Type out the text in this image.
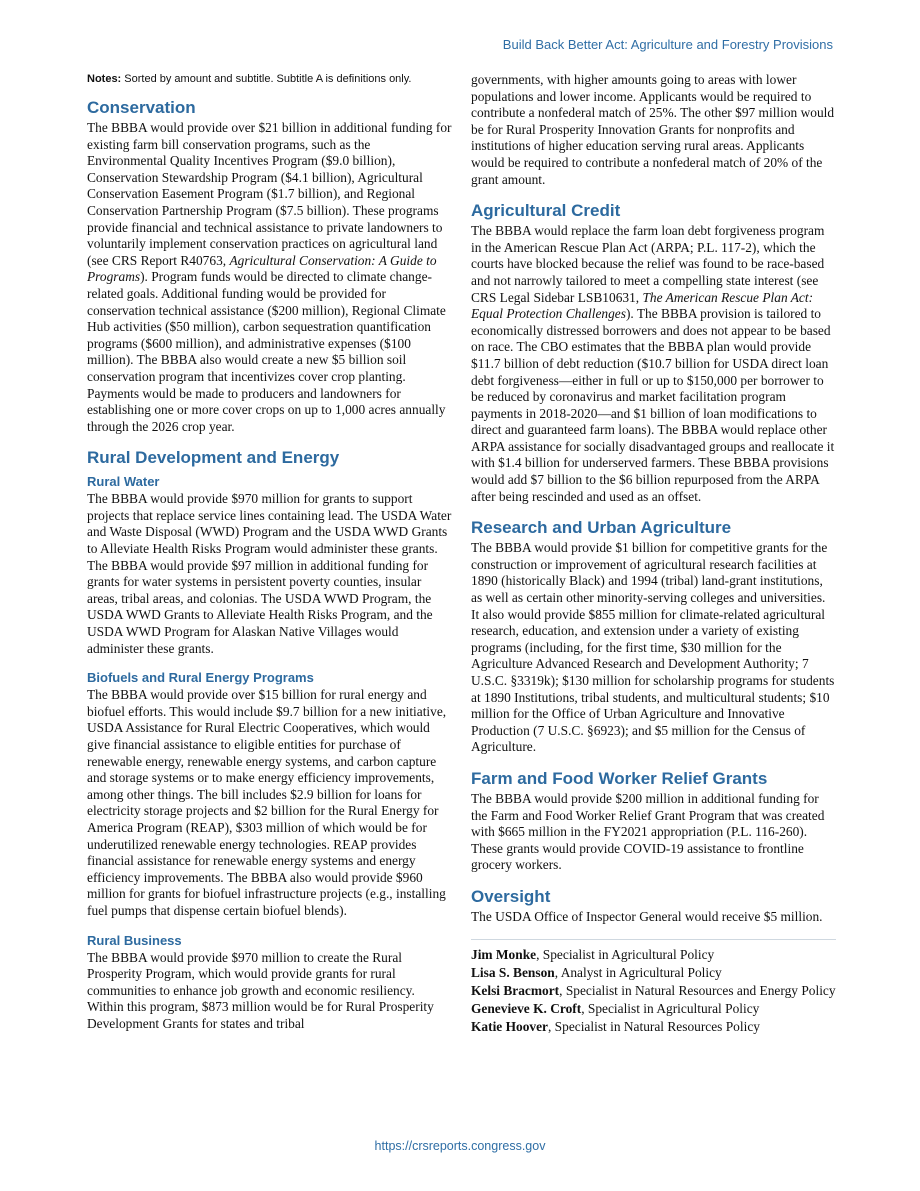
Build Back Better Act: Agriculture and Forestry Provisions
Notes: Sorted by amount and subtitle. Subtitle A is definitions only.
Conservation

The BBBA would provide over $21 billion in additional funding for existing farm bill conservation programs, such as the Environmental Quality Incentives Program ($9.0 billion), Conservation Stewardship Program ($4.1 billion), Agricultural Conservation Easement Program ($1.7 billion), and Regional Conservation Partnership Program ($7.5 billion). These programs provide financial and technical assistance to private landowners to voluntarily implement conservation practices on agricultural land (see CRS Report R40763, Agricultural Conservation: A Guide to Programs). Program funds would be directed to climate change-related goals. Additional funding would be provided for conservation technical assistance ($200 million), Regional Climate Hub activities ($50 million), carbon sequestration quantification programs ($600 million), and administrative expenses ($100 million). The BBBA also would create a new $5 billion soil conservation program that incentivizes cover crop planting. Payments would be made to producers and landowners for establishing one or more cover crops on up to 1,000 acres annually through the 2026 crop year.

Rural Development and Energy
Rural Water

The BBBA would provide $970 million for grants to support projects that replace service lines containing lead. The USDA Water and Waste Disposal (WWD) Program and the USDA WWD Grants to Alleviate Health Risks Program would administer these grants. The BBBA would provide $97 million in additional funding for grants for water systems in persistent poverty counties, insular areas, tribal areas, and colonias. The USDA WWD Program, the USDA WWD Grants to Alleviate Health Risks Program, and the USDA WWD Program for Alaskan Native Villages would administer these grants.

Biofuels and Rural Energy Programs

The BBBA would provide over $15 billion for rural energy and biofuel efforts. This would include $9.7 billion for a new initiative, USDA Assistance for Rural Electric Cooperatives, which would give financial assistance to eligible entities for purchase of renewable energy, renewable energy systems, and carbon capture and storage systems or to make energy efficiency improvements, among other things. The bill includes $2.9 billion for loans for electricity storage projects and $2 billion for the Rural Energy for America Program (REAP), $303 million of which would be for underutilized renewable energy technologies. REAP provides financial assistance for renewable energy systems and energy efficiency improvements. The BBBA also would provide $960 million for grants for biofuel infrastructure projects (e.g., installing fuel pumps that dispense certain biofuel blends).

Rural Business

The BBBA would provide $970 million to create the Rural Prosperity Program, which would provide grants for rural communities to enhance job growth and economic resiliency. Within this program, $873 million would be for Rural Prosperity Development Grants for states and tribal

governments, with higher amounts going to areas with lower populations and lower income. Applicants would be required to contribute a nonfederal match of 25%. The other $97 million would be for Rural Prosperity Innovation Grants for nonprofits and institutions of higher education serving rural areas. Applicants would be required to contribute a nonfederal match of 20% of the grant amount.

Agricultural Credit

The BBBA would replace the farm loan debt forgiveness program in the American Rescue Plan Act (ARPA; P.L. 117-2), which the courts have blocked because the relief was found to be race-based and not narrowly tailored to meet a compelling state interest (see CRS Legal Sidebar LSB10631, The American Rescue Plan Act: Equal Protection Challenges). The BBBA provision is tailored to economically distressed borrowers and does not appear to be based on race. The CBO estimates that the BBBA plan would provide $11.7 billion of debt reduction ($10.7 billion for USDA direct loan debt forgiveness—either in full or up to $150,000 per borrower to be reduced by coronavirus and market facilitation program payments in 2018-2020—and $1 billion of loan modifications to direct and guaranteed farm loans). The BBBA would replace other ARPA assistance for socially disadvantaged groups and reallocate it with $1.4 billion for underserved farmers. These BBBA provisions would add $7 billion to the $6 billion repurposed from the ARPA after being rescinded and used as an offset.

Research and Urban Agriculture

The BBBA would provide $1 billion for competitive grants for the construction or improvement of agricultural research facilities at 1890 (historically Black) and 1994 (tribal) land-grant institutions, as well as certain other minority-serving colleges and universities. It also would provide $855 million for climate-related agricultural research, education, and extension under a variety of existing programs (including, for the first time, $30 million for the Agriculture Advanced Research and Development Authority; 7 U.S.C. §3319k); $130 million for scholarship programs for students at 1890 Institutions, tribal students, and multicultural students; $10 million for the Office of Urban Agriculture and Innovative Production (7 U.S.C. §6923); and $5 million for the Census of Agriculture.

Farm and Food Worker Relief Grants

The BBBA would provide $200 million in additional funding for the Farm and Food Worker Relief Grant Program that was created with $665 million in the FY2021 appropriation (P.L. 116-260). These grants would provide COVID-19 assistance to frontline grocery workers.

Oversight

The USDA Office of Inspector General would receive $5 million.

Jim Monke, Specialist in Agricultural Policy

Lisa S. Benson, Analyst in Agricultural Policy

Kelsi Bracmort, Specialist in Natural Resources and Energy Policy

Genevieve K. Croft, Specialist in Agricultural Policy

Katie Hoover, Specialist in Natural Resources Policy

https://crsreports.congress.gov
